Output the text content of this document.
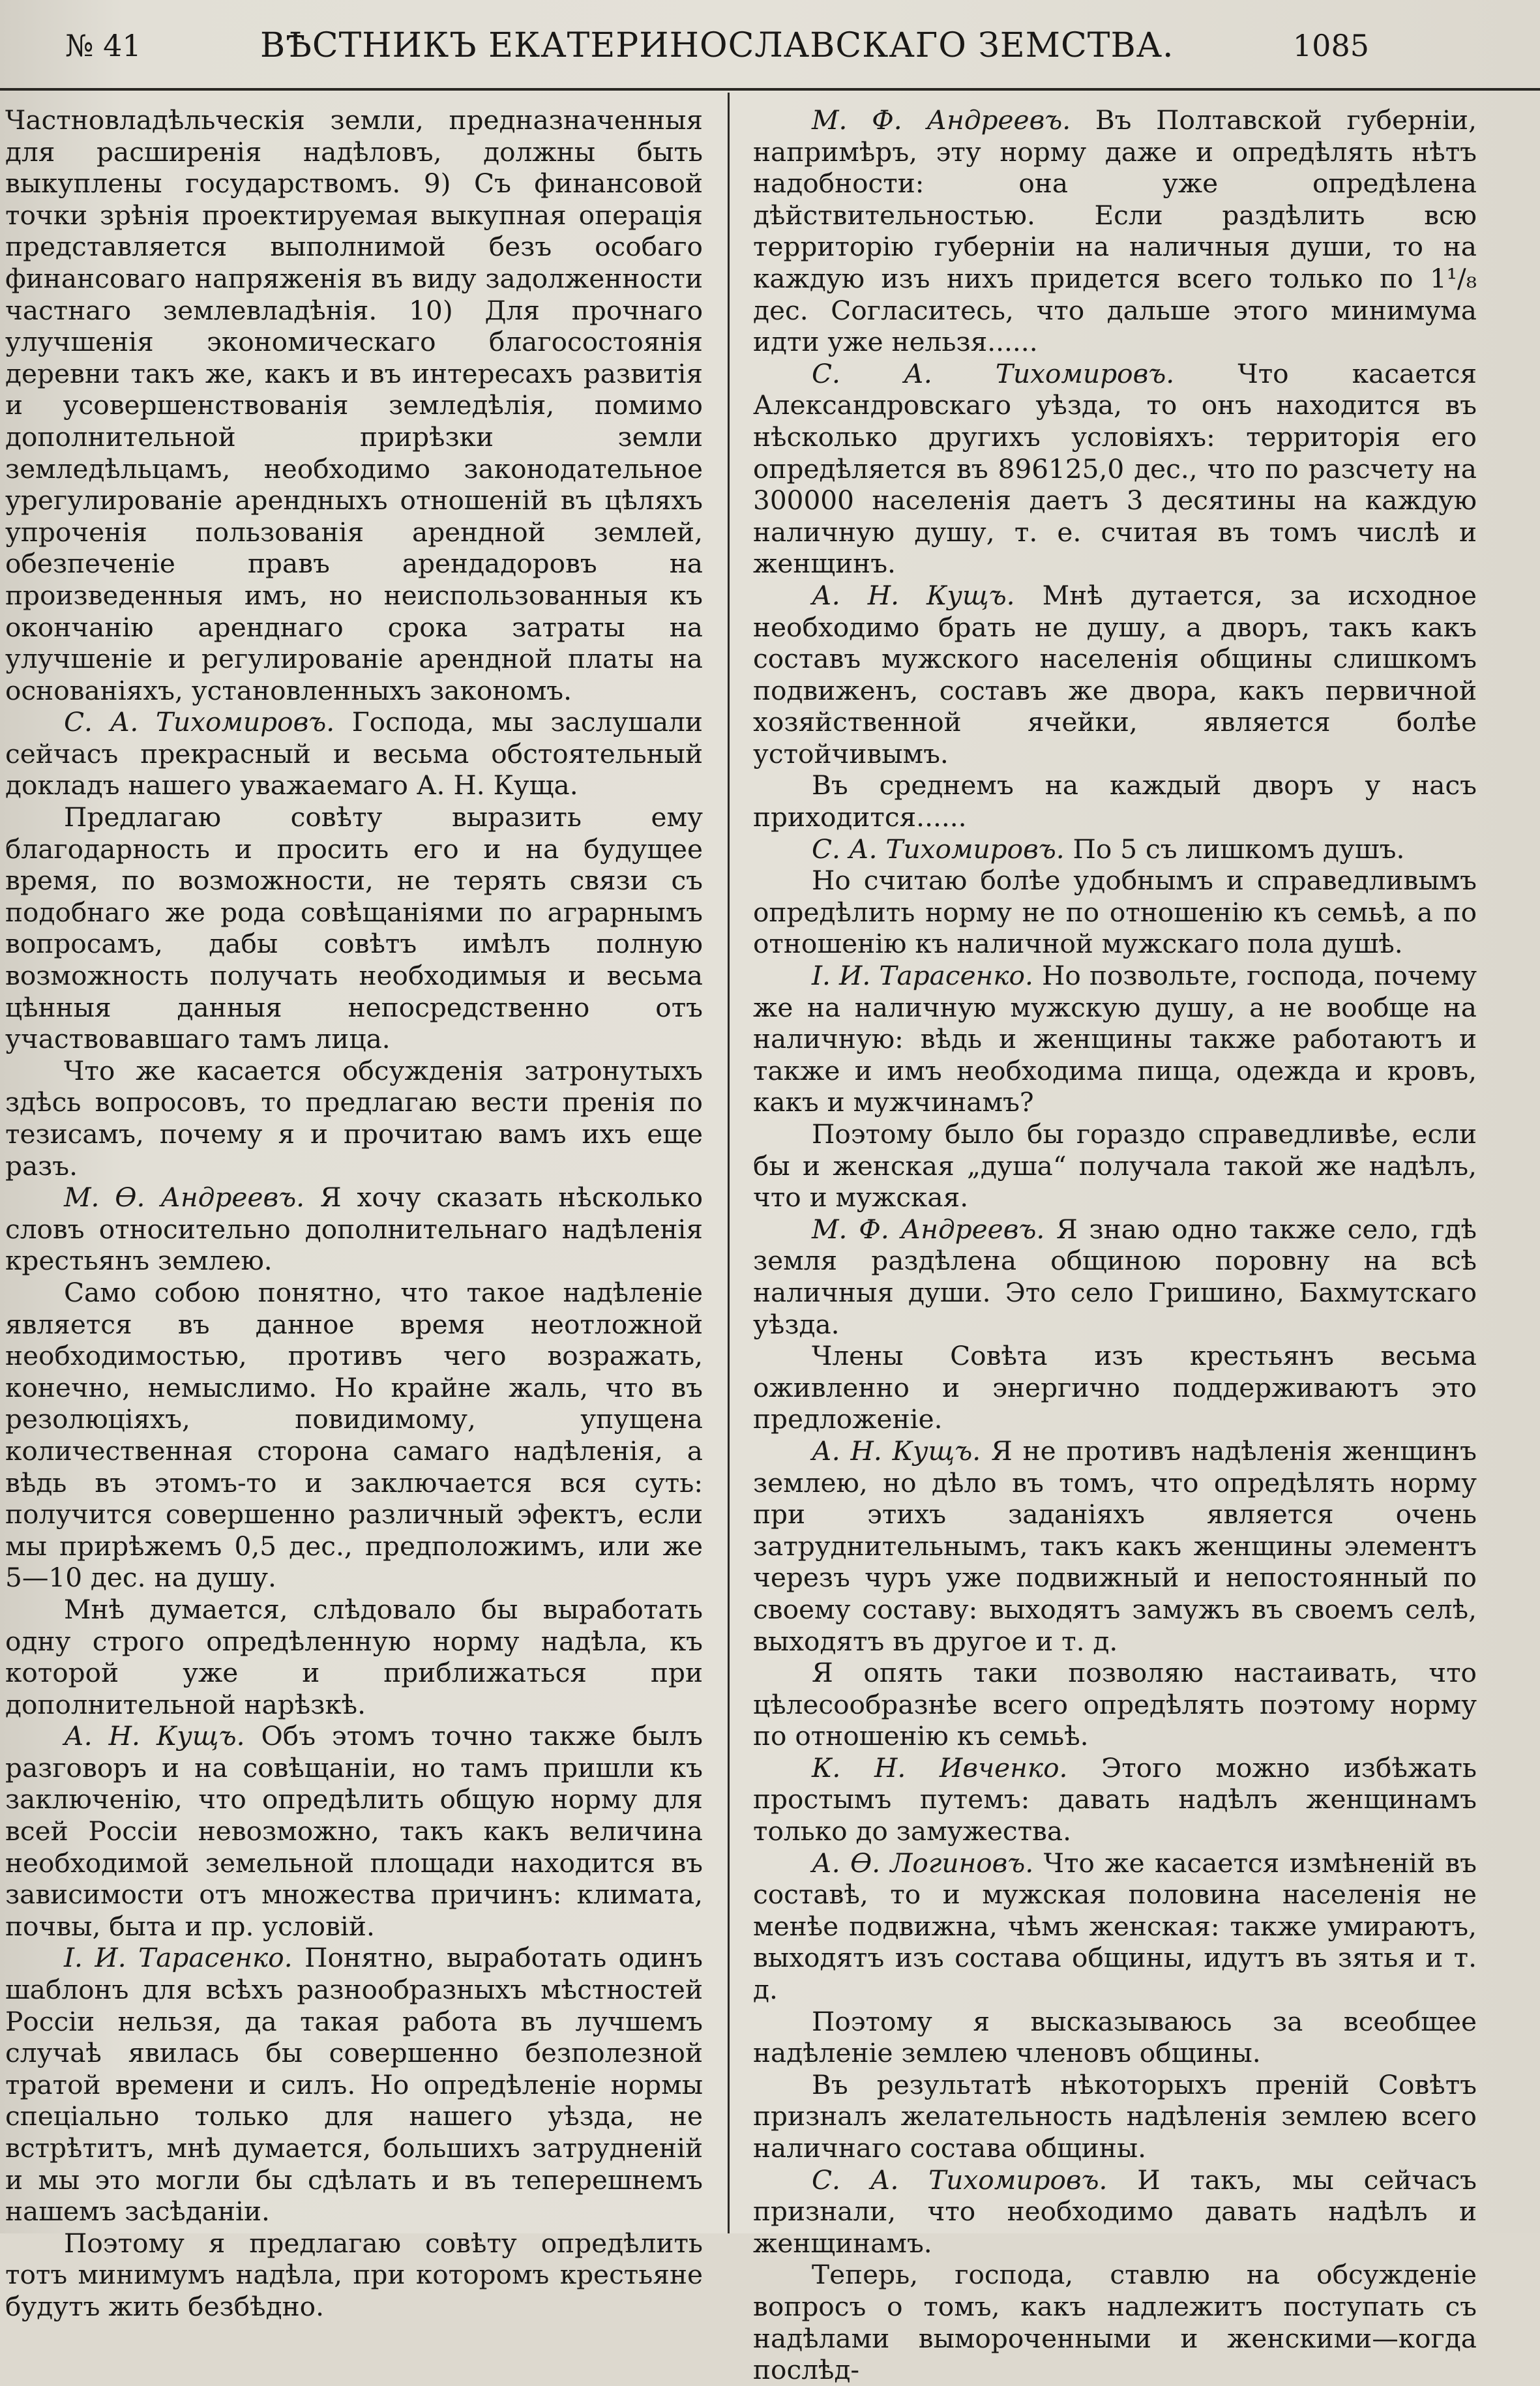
№ 41	ВѢСТНИКЪ ЕКАТЕРИНОСЛАВСКАГО ЗЕМСТВА.	1085

Частновладѣльческія земли, предназначенныя для расширенія надѣловъ, должны быть выкуплены государствомъ. 9) Съ финансовой точки зрѣнія проектируемая выкупная операція представляется выполнимой безъ особаго финансоваго напряженія въ виду задолженности частнаго землевладѣнія. 10) Для прочнаго улучшенія экономическаго благосостоянія деревни такъ же, какъ и въ интересахъ развитія и усовершенствованія земледѣлія, помимо дополнительной прирѣзки земли земледѣльцамъ, необходимо законодательное урегулированіе арендныхъ отношеній въ цѣляхъ упроченія пользованія арендной землей, обезпеченіе правъ арендадоровъ на произведенныя имъ, но неиспользованныя къ окончанію аренднаго срока затраты на улучшеніе и регулированіе арендной платы на основаніяхъ, установленныхъ закономъ.

С. А. Тихомировъ. Господа, мы заслушали сейчасъ прекрасный и весьма обстоятельный докладъ нашего уважаемаго А. Н. Куща.

Предлагаю совѣту выразить ему благодарность и просить его и на будущее время, по возможности, не терять связи съ подобнаго же рода совѣщаніями по аграрнымъ вопросамъ, дабы совѣтъ имѣлъ полную возможность получать необходимыя и весьма цѣнныя данныя непосредственно отъ участвовавшаго тамъ лица.

Что же касается обсужденія затронутыхъ здѣсь вопросовъ, то предлагаю вести пренія по тезисамъ, почему я и прочитаю вамъ ихъ еще разъ.

М. Ѳ. Андреевъ. Я хочу сказать нѣсколько словъ относительно дополнительнаго надѣленія крестьянъ землею.

Само собою понятно, что такое надѣленіе является въ данное время неотложной необходимостью, противъ чего возражать, конечно, немыслимо. Но крайне жаль, что въ резолюціяхъ, повидимому, упущена количественная сторона самаго надѣленія, а вѣдь въ этомъ-то и заключается вся суть: получится совершенно различный эфектъ, если мы прирѣжемъ 0,5 дес., предположимъ, или же 5—10 дес. на душу.

Мнѣ думается, слѣдовало бы выработать одну строго опредѣленную норму надѣла, къ которой уже и приближаться при дополнительной нарѣзкѣ.

А. Н. Кущъ. Объ этомъ точно также былъ разговоръ и на совѣщаніи, но тамъ пришли къ заключенію, что опредѣлить общую норму для всей Россіи невозможно, такъ какъ величина необходимой земельной площади находится въ зависимости отъ множества причинъ: климата, почвы, быта и пр. условій.

І. И. Тарасенко. Понятно, выработать одинъ шаблонъ для всѣхъ разнообразныхъ мѣстностей Россіи нельзя, да такая работа въ лучшемъ случаѣ явилась бы совершенно безполезной тратой времени и силъ. Но опредѣленіе нормы спеціально только для нашего уѣзда, не встрѣтитъ, мнѣ думается, большихъ затрудненій и мы это могли бы сдѣлать и въ теперешнемъ нашемъ засѣданіи.

Поэтому я предлагаю совѣту опредѣлить тотъ минимумъ надѣла, при которомъ крестьяне будутъ жить безбѣдно.

М. Ф. Андреевъ. Въ Полтавской губерніи, напримѣръ, эту норму даже и опредѣлять нѣтъ надобности: она уже опредѣлена дѣйствительностью. Если раздѣлить всю территорію губерніи на наличныя души, то на каждую изъ нихъ придется всего только по 1¹/₈ дес. Согласитесь, что дальше этого минимума идти уже нельзя......

С. А. Тихомировъ. Что касается Александровскаго уѣзда, то онъ находится въ нѣсколько другихъ условіяхъ: территорія его опредѣляется въ 896125,0 дес., что по разсчету на 300000 населенія даетъ 3 десятины на каждую наличную душу, т. е. считая въ томъ числѣ и женщинъ.

А. Н. Кущъ. Мнѣ дутается, за исходное необходимо брать не душу, а дворъ, такъ какъ составъ мужского населенія общины слишкомъ подвиженъ, составъ же двора, какъ первичной хозяйственной ячейки, является болѣе устойчивымъ.

Въ среднемъ на каждый дворъ у насъ приходится......

С. А. Тихомировъ. По 5 съ лишкомъ душъ.

Но считаю болѣе удобнымъ и справедливымъ опредѣлить норму не по отношенію къ семьѣ, а по отношенію къ наличной мужскаго пола душѣ.

І. И. Тарасенко. Но позвольте, господа, почему же на наличную мужскую душу, а не вообще на наличную: вѣдь и женщины также работаютъ и также и имъ необходима пища, одежда и кровъ, какъ и мужчинамъ?

Поэтому было бы гораздо справедливѣе, если бы и женская „душа“ получала такой же надѣлъ, что и мужская.

М. Ф. Андреевъ. Я знаю одно также село, гдѣ земля раздѣлена общиною поровну на всѣ наличныя души. Это село Гришино, Бахмутскаго уѣзда.

Члены Совѣта изъ крестьянъ весьма оживленно и энергично поддерживаютъ это предложеніе.

А. Н. Кущъ. Я не противъ надѣленія женщинъ землею, но дѣло въ томъ, что опредѣлять норму при этихъ заданіяхъ является очень затруднительнымъ, такъ какъ женщины элементъ черезъ чуръ уже подвижный и непостоянный по своему составу: выходятъ замужъ въ своемъ селѣ, выходятъ въ другое и т. д.

Я опять таки позволяю настаивать, что цѣлесообразнѣе всего опредѣлять поэтому норму по отношенію къ семьѣ.

К. Н. Ивченко. Этого можно избѣжать простымъ путемъ: давать надѣлъ женщинамъ только до замужества.

А. Ѳ. Логиновъ. Что же касается измѣненій въ составѣ, то и мужская половина населенія не менѣе подвижна, чѣмъ женская: также умираютъ, выходятъ изъ состава общины, идутъ въ зятья и т. д.

Поэтому я высказываюсь за всеобщее надѣленіе землею членовъ общины.

Въ результатѣ нѣкоторыхъ преній Совѣтъ призналъ желательность надѣленія землею всего наличнаго состава общины.

С. А. Тихомировъ. И такъ, мы сейчасъ признали, что необходимо давать надѣлъ и женщинамъ.

Теперь, господа, ставлю на обсужденіе вопросъ о томъ, какъ надлежитъ поступать съ надѣлами вымороченными и женскими—когда послѣд-
